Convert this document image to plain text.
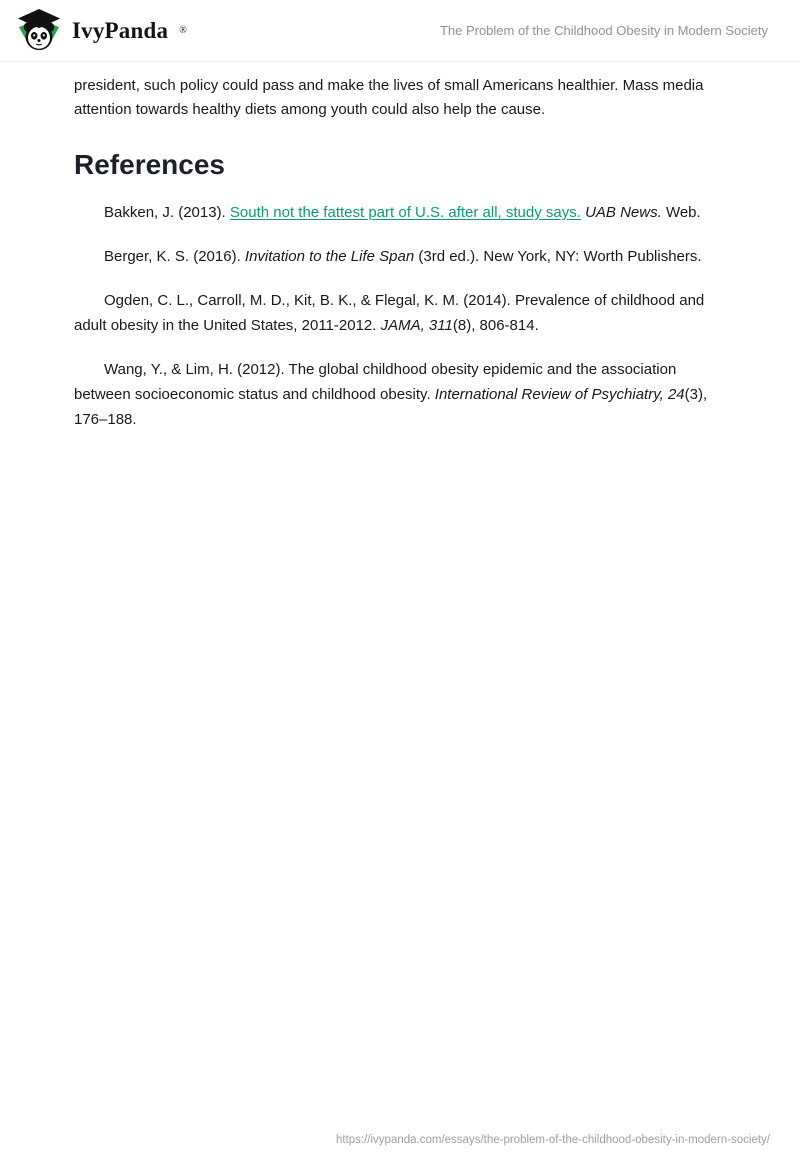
IvyPanda ®	The Problem of the Childhood Obesity in Modern Society

president, such policy could pass and make the lives of small Americans healthier. Mass media attention towards healthy diets among youth could also help the cause.

References

Bakken, J. (2013). South not the fattest part of U.S. after all, study says. UAB News. Web.

Berger, K. S. (2016). Invitation to the Life Span (3rd ed.). New York, NY: Worth Publishers.

Ogden, C. L., Carroll, M. D., Kit, B. K., & Flegal, K. M. (2014). Prevalence of childhood and adult obesity in the United States, 2011-2012. JAMA, 311(8), 806-814.

Wang, Y., & Lim, H. (2012). The global childhood obesity epidemic and the association between socioeconomic status and childhood obesity. International Review of Psychiatry, 24(3), 176–188.

https://ivypanda.com/essays/the-problem-of-the-childhood-obesity-in-modern-society/
